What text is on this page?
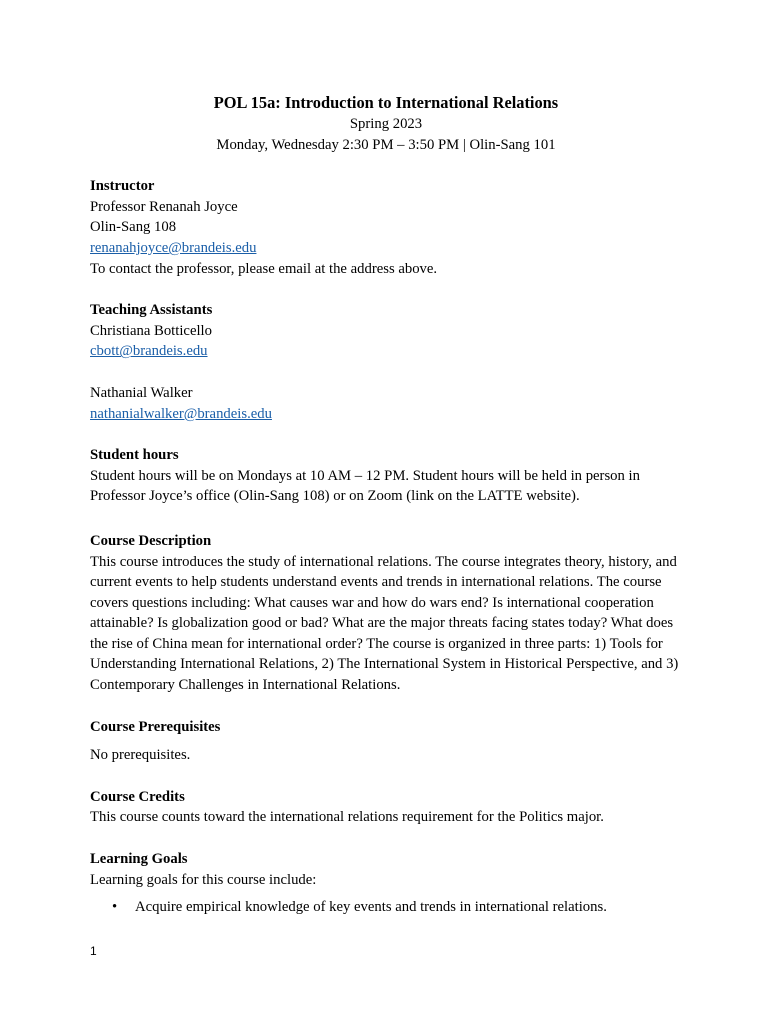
POL 15a: Introduction to International Relations
Spring 2023
Monday, Wednesday 2:30 PM – 3:50 PM | Olin-Sang 101
Instructor
Professor Renanah Joyce
Olin-Sang 108
renanahjoyce@brandeis.edu
To contact the professor, please email at the address above.
Teaching Assistants
Christiana Botticello
cbott@brandeis.edu
Nathanial Walker
nathanialwalker@brandeis.edu
Student hours
Student hours will be on Mondays at 10 AM – 12 PM. Student hours will be held in person in Professor Joyce’s office (Olin-Sang 108) or on Zoom (link on the LATTE website).
Course Description
This course introduces the study of international relations. The course integrates theory, history, and current events to help students understand events and trends in international relations. The course covers questions including: What causes war and how do wars end? Is international cooperation attainable? Is globalization good or bad? What are the major threats facing states today? What does the rise of China mean for international order? The course is organized in three parts: 1) Tools for Understanding International Relations, 2) The International System in Historical Perspective, and 3) Contemporary Challenges in International Relations.
Course Prerequisites
No prerequisites.
Course Credits
This course counts toward the international relations requirement for the Politics major.
Learning Goals
Learning goals for this course include:
• Acquire empirical knowledge of key events and trends in international relations.
1
